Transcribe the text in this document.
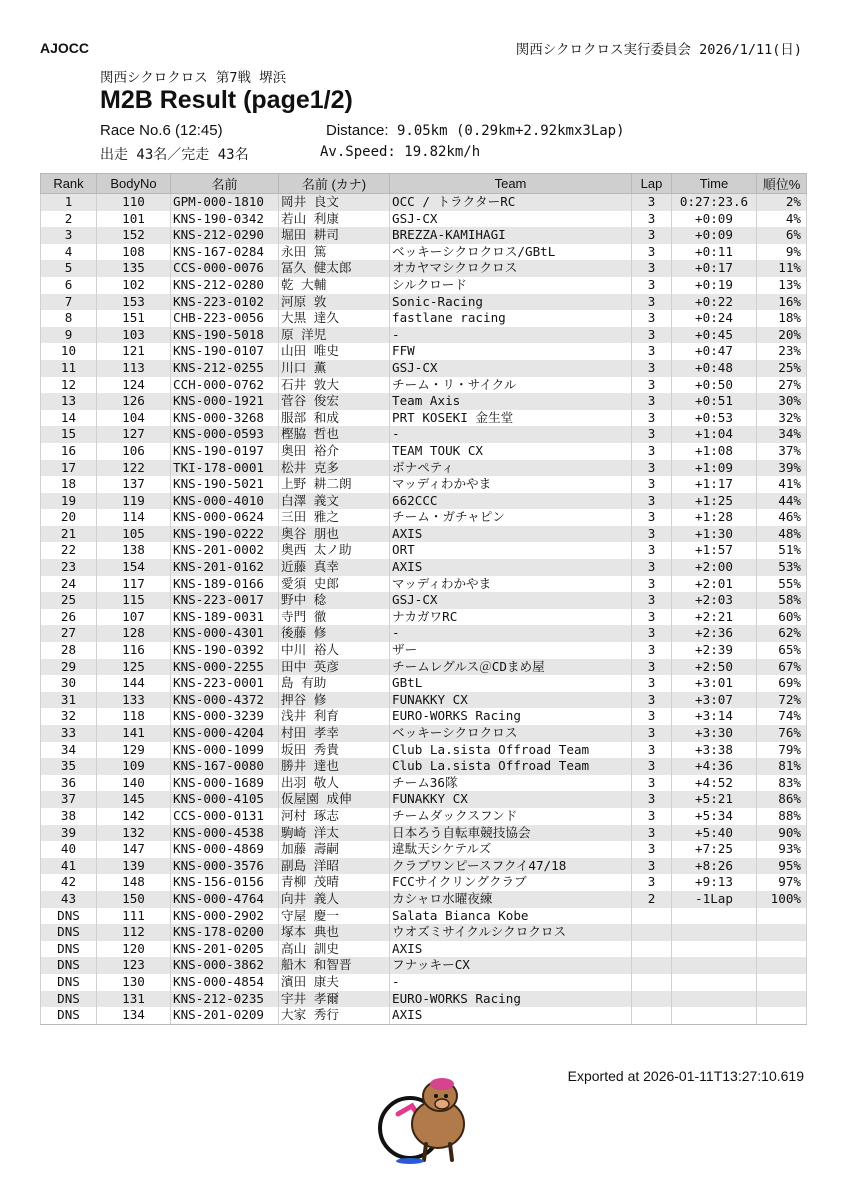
AJOCC	関西シクロクロス実行委員会 2026/1/11(日)
関西シクロクロス 第7戦 堺浜
M2B Result (page1/2)
Race No.6 (12:45)
出走 43名／完走 43名
Distance: 9.05km (0.29km+2.92kmx3Lap)
Av.Speed: 19.82km/h
Rank	BodyNo	名前	名前 (カナ)	Team	Lap	Time	順位%
1	110	GPM-000-1810	岡井 良文	OCC / トラクターRC	3	0:27:23.6	2%
2	101	KNS-190-0342	若山 利康	GSJ-CX	3	+0:09	4%
3	152	KNS-212-0290	堀田 耕司	BREZZA-KAMIHAGI	3	+0:09	6%
4	108	KNS-167-0284	永田 篤	ベッキーシクロクロス/GBtL	3	+0:11	9%
5	135	CCS-000-0076	冨久 健太郎	オカヤマシクロクロス	3	+0:17	11%
6	102	KNS-212-0280	乾 大輔	シルクロード	3	+0:19	13%
7	153	KNS-223-0102	河原 敦	Sonic-Racing	3	+0:22	16%
8	151	CHB-223-0056	大黒 達久	fastlane racing	3	+0:24	18%
9	103	KNS-190-5018	原 洋児	-	3	+0:45	20%
10	121	KNS-190-0107	山田 唯史	FFW	3	+0:47	23%
11	113	KNS-212-0255	川口 薫	GSJ-CX	3	+0:48	25%
12	124	CCH-000-0762	石井 敦大	チーム・リ・サイクル	3	+0:50	27%
13	126	KNS-000-1921	菅谷 俊宏	Team Axis	3	+0:51	30%
14	104	KNS-000-3268	服部 和成	PRT KOSEKI 金生堂	3	+0:53	32%
15	127	KNS-000-0593	樫脇 哲也	-	3	+1:04	34%
16	106	KNS-190-0197	奥田 裕介	TEAM TOUK CX	3	+1:08	37%
17	122	TKI-178-0001	松井 克多	ボナペティ	3	+1:09	39%
18	137	KNS-190-5021	上野 耕二朗	マッディわかやま	3	+1:17	41%
19	119	KNS-000-4010	白澤 義文	662CCC	3	+1:25	44%
20	114	KNS-000-0624	三田 雅之	チーム・ガチャピン	3	+1:28	46%
21	105	KNS-190-0222	奥谷 朋也	AXIS	3	+1:30	48%
22	138	KNS-201-0002	奥西 太ノ助	ORT	3	+1:57	51%
23	154	KNS-201-0162	近藤 真幸	AXIS	3	+2:00	53%
24	117	KNS-189-0166	愛須 史郎	マッディわかやま	3	+2:01	55%
25	115	KNS-223-0017	野中 稔	GSJ-CX	3	+2:03	58%
26	107	KNS-189-0031	寺門 徹	ナカガワRC	3	+2:21	60%
27	128	KNS-000-4301	後藤 修	-	3	+2:36	62%
28	116	KNS-190-0392	中川 裕人	ザー	3	+2:39	65%
29	125	KNS-000-2255	田中 英彦	チームレグルス＠CDまめ屋	3	+2:50	67%
30	144	KNS-223-0001	島 有助	GBtL	3	+3:01	69%
31	133	KNS-000-4372	押谷 修	FUNAKKY CX	3	+3:07	72%
32	118	KNS-000-3239	浅井 利育	EURO-WORKS Racing	3	+3:14	74%
33	141	KNS-000-4204	村田 孝幸	ベッキーシクロクロス	3	+3:30	76%
34	129	KNS-000-1099	坂田 秀貴	Club La.sista Offroad Team	3	+3:38	79%
35	109	KNS-167-0080	勝井 達也	Club La.sista Offroad Team	3	+4:36	81%
36	140	KNS-000-1689	出羽 敬人	チーム36隊	3	+4:52	83%
37	145	KNS-000-4105	仮屋園 成伸	FUNAKKY CX	3	+5:21	86%
38	142	CCS-000-0131	河村 琢志	チームダックスフンド	3	+5:34	88%
39	132	KNS-000-4538	駒崎 洋太	日本ろう自転車競技協会	3	+5:40	90%
40	147	KNS-000-4869	加藤 壽嗣	違駄天シケテルズ	3	+7:25	93%
41	139	KNS-000-3576	副島 洋昭	クラブワンピースフクイ47/18	3	+8:26	95%
42	148	KNS-156-0156	青柳 茂晴	FCCサイクリングクラブ	3	+9:13	97%
43	150	KNS-000-4764	向井 義人	カシャロ水曜夜練	2	-1Lap	100%
DNS	111	KNS-000-2902	守屋 慶一	Salata Bianca Kobe			
DNS	112	KNS-178-0200	塚本 典也	ウオズミサイクルシクロクロス			
DNS	120	KNS-201-0205	高山 訓史	AXIS			
DNS	123	KNS-000-3862	船木 和智晋	フナッキーCX			
DNS	130	KNS-000-4854	濱田 康夫	-			
DNS	131	KNS-212-0235	宇井 孝爾	EURO-WORKS Racing			
DNS	134	KNS-201-0209	大家 秀行	AXIS			
Exported at 2026-01-11T13:27:10.619
